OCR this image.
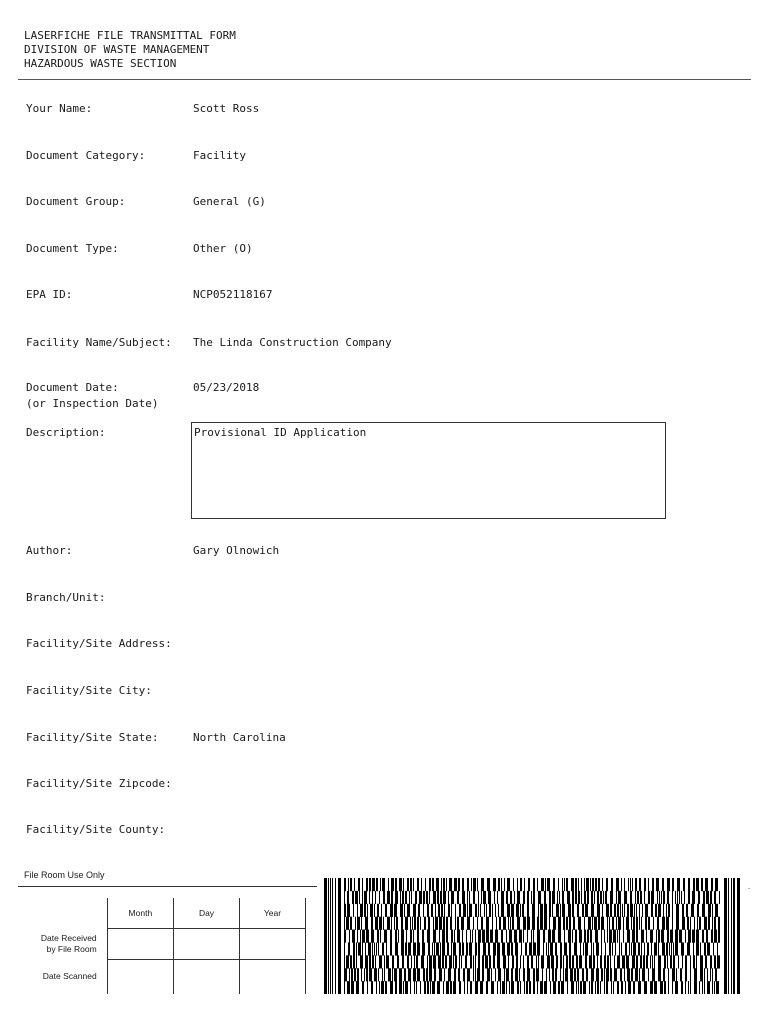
LASERFICHE FILE TRANSMITTAL FORM
DIVISION OF WASTE MANAGEMENT
HAZARDOUS WASTE SECTION
Your Name:	Scott Ross
Document Category:	Facility
Document Group:	General (G)
Document Type:	Other (O)
EPA ID:	NCP052118167
Facility Name/Subject: The Linda Construction Company
Document Date:
(or Inspection Date)
05/23/2018
Description:	Provisional ID Application
Author:	Gary Olnowich
Branch/Unit:
Facility/Site Address:
Facility/Site City:
Facility/Site State:	North Carolina
Facility/Site Zipcode:
Facility/Site County:
File Room Use Only
	Month	Day	Year

Date Received
by File Room			

Date Scanned			
.
